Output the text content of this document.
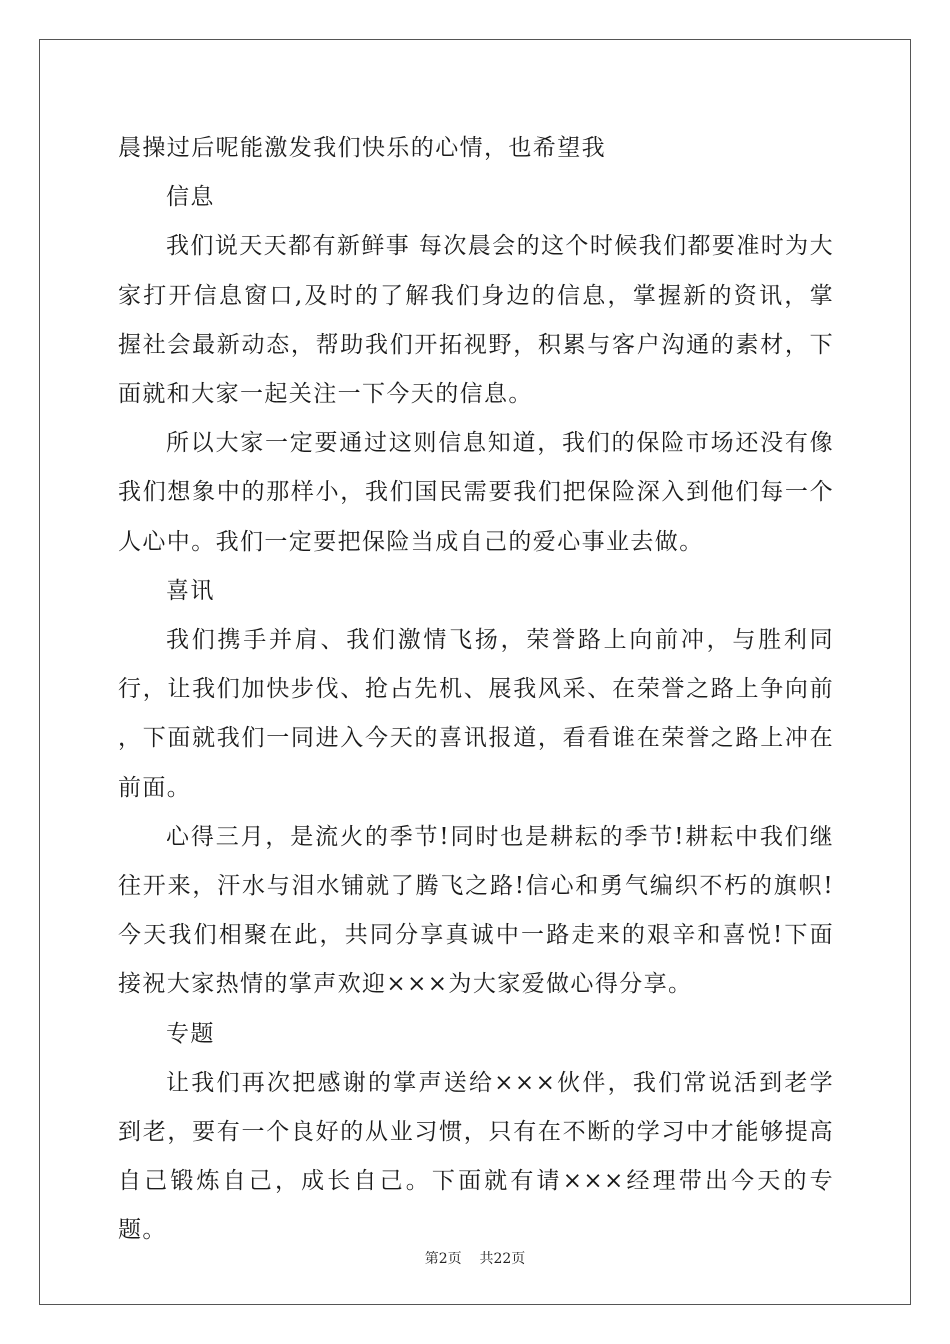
晨操过后呢能激发我们快乐的心情，也希望我

信息

我们说天天都有新鲜事 每次晨会的这个时候我们都要准时为大家打开信息窗口,及时的了解我们身边的信息，掌握新的资讯，掌握社会最新动态，帮助我们开拓视野，积累与客户沟通的素材，下面就和大家一起关注一下今天的信息。

所以大家一定要通过这则信息知道，我们的保险市场还没有像我们想象中的那样小，我们国民需要我们把保险深入到他们每一个人心中。我们一定要把保险当成自己的爱心事业去做。

喜讯

我们携手并肩、我们激情飞扬，荣誉路上向前冲，与胜利同行，让我们加快步伐、抢占先机、展我风采、在荣誉之路上争向前 ，下面就我们一同进入今天的喜讯报道，看看谁在荣誉之路上冲在前面。

心得三月，是流火的季节!同时也是耕耘的季节!耕耘中我们继往开来，汗水与泪水铺就了腾飞之路!信心和勇气编织不朽的旗帜!今天我们相聚在此，共同分享真诚中一路走来的艰辛和喜悦!下面接祝大家热情的掌声欢迎×××为大家爱做心得分享。

专题

让我们再次把感谢的掌声送给×××伙伴，我们常说活到老学到老，要有一个良好的从业习惯，只有在不断的学习中才能够提高自己锻炼自己，成长自己。下面就有请×××经理带出今天的专题。

第2页 共22页
